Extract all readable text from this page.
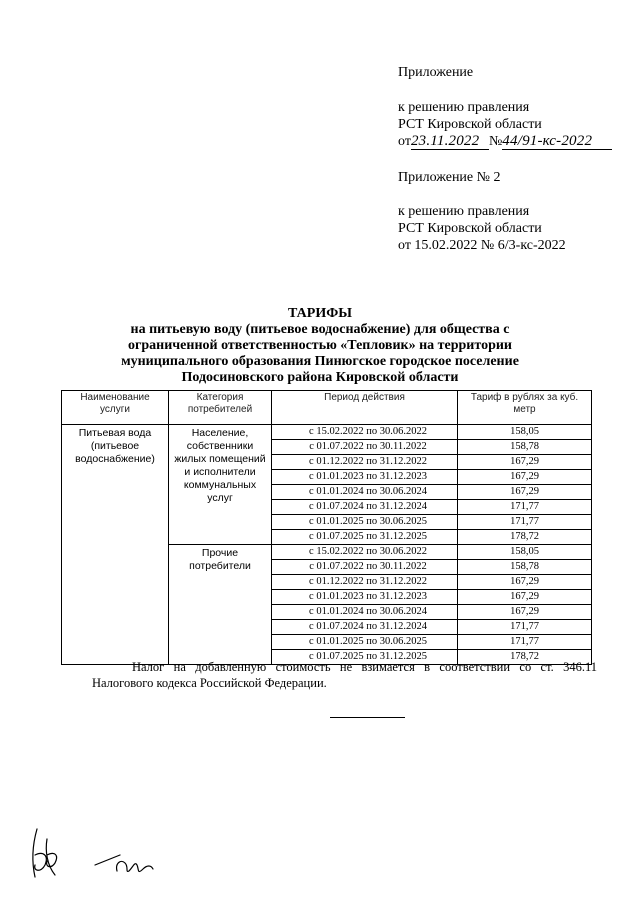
Приложение
к решению правления
РСТ Кировской области
от23.11.2022 №44/91-кс-2022
Приложение № 2
к решению правления
РСТ Кировской области
от 15.02.2022 № 6/3-кс-2022
ТАРИФЫ
на питьевую воду (питьевое водоснабжение) для общества с
ограниченной ответственностью «Тепловик» на территории
муниципального образования Пинюгское городское поселение
Подосиновского района Кировской области
Наименование услуги	Категория потребителей	Период действия	Тариф в рублях за куб. метр
Питьевая вода (питьевое водоснабжение)	Население, собственники жилых помещений и исполнители коммунальных услуг	с 15.02.2022 по 30.06.2022	158,05
		с 01.07.2022 по 30.11.2022	158,78
		с 01.12.2022 по 31.12.2022	167,29
		с 01.01.2023 по 31.12.2023	167,29
		с 01.01.2024 по 30.06.2024	167,29
		с 01.07.2024 по 31.12.2024	171,77
		с 01.01.2025 по 30.06.2025	171,77
		с 01.07.2025 по 31.12.2025	178,72
	Прочие потребители	с 15.02.2022 по 30.06.2022	158,05
		с 01.07.2022 по 30.11.2022	158,78
		с 01.12.2022 по 31.12.2022	167,29
		с 01.01.2023 по 31.12.2023	167,29
		с 01.01.2024 по 30.06.2024	167,29
		с 01.07.2024 по 31.12.2024	171,77
		с 01.01.2025 по 30.06.2025	171,77
		с 01.07.2025 по 31.12.2025	178,72
Налог на добавленную стоимость не взимается в соответствии со ст. 346.11 Налогового кодекса Российской Федерации.
